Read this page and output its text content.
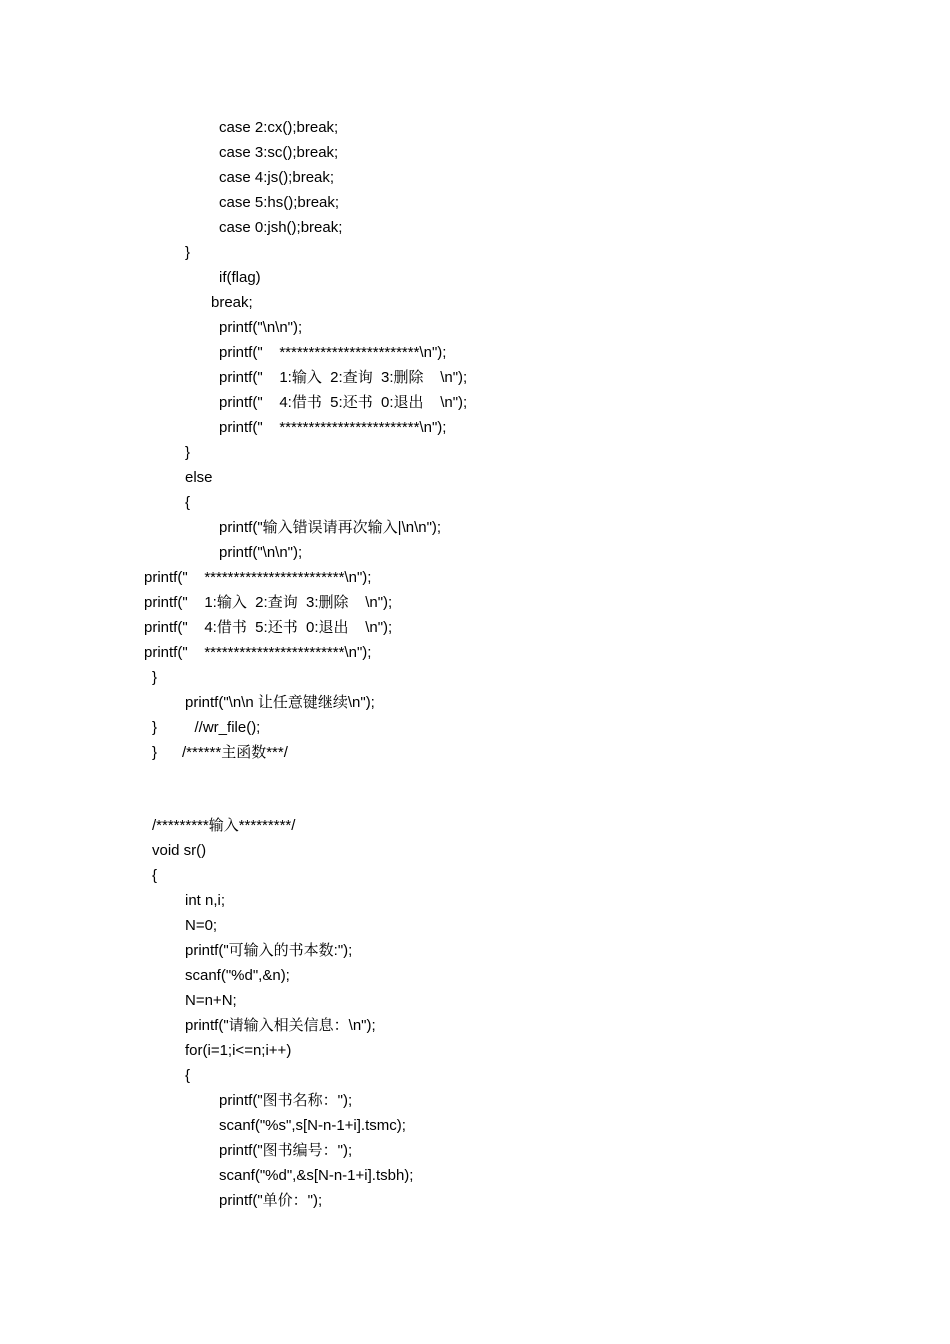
case 2:cx();break;
case 3:sc();break;
case 4:js();break;
case 5:hs();break;
case 0:jsh();break;
}
if(flag)
break;
printf("\n\n");
printf("    ************************\n");
printf("    1:输入  2:查询  3:删除    \n");
printf("    4:借书  5:还书  0:退出    \n");
printf("    ************************\n");
}
else
{
printf("输入错误请再次输入|\n\n");
printf("\n\n");
printf("    ************************\n");
printf("    1:输入  2:查询  3:删除    \n");
printf("    4:借书  5:还书  0:退出    \n");
printf("    ************************\n");
}
printf("\n\n 让任意键继续\n");
}         //wr_file();
}      /******主函数***/
/*********输入*********/
void sr()
{
int n,i;
N=0;
printf("可输入的书本数:");
scanf("%d",&n);
N=n+N;
printf("请输入相关信息：\n");
for(i=1;i<=n;i++)
{
printf("图书名称：");
scanf("%s",s[N-n-1+i].tsmc);
printf("图书编号：");
scanf("%d",&s[N-n-1+i].tsbh);
printf("单价：");
